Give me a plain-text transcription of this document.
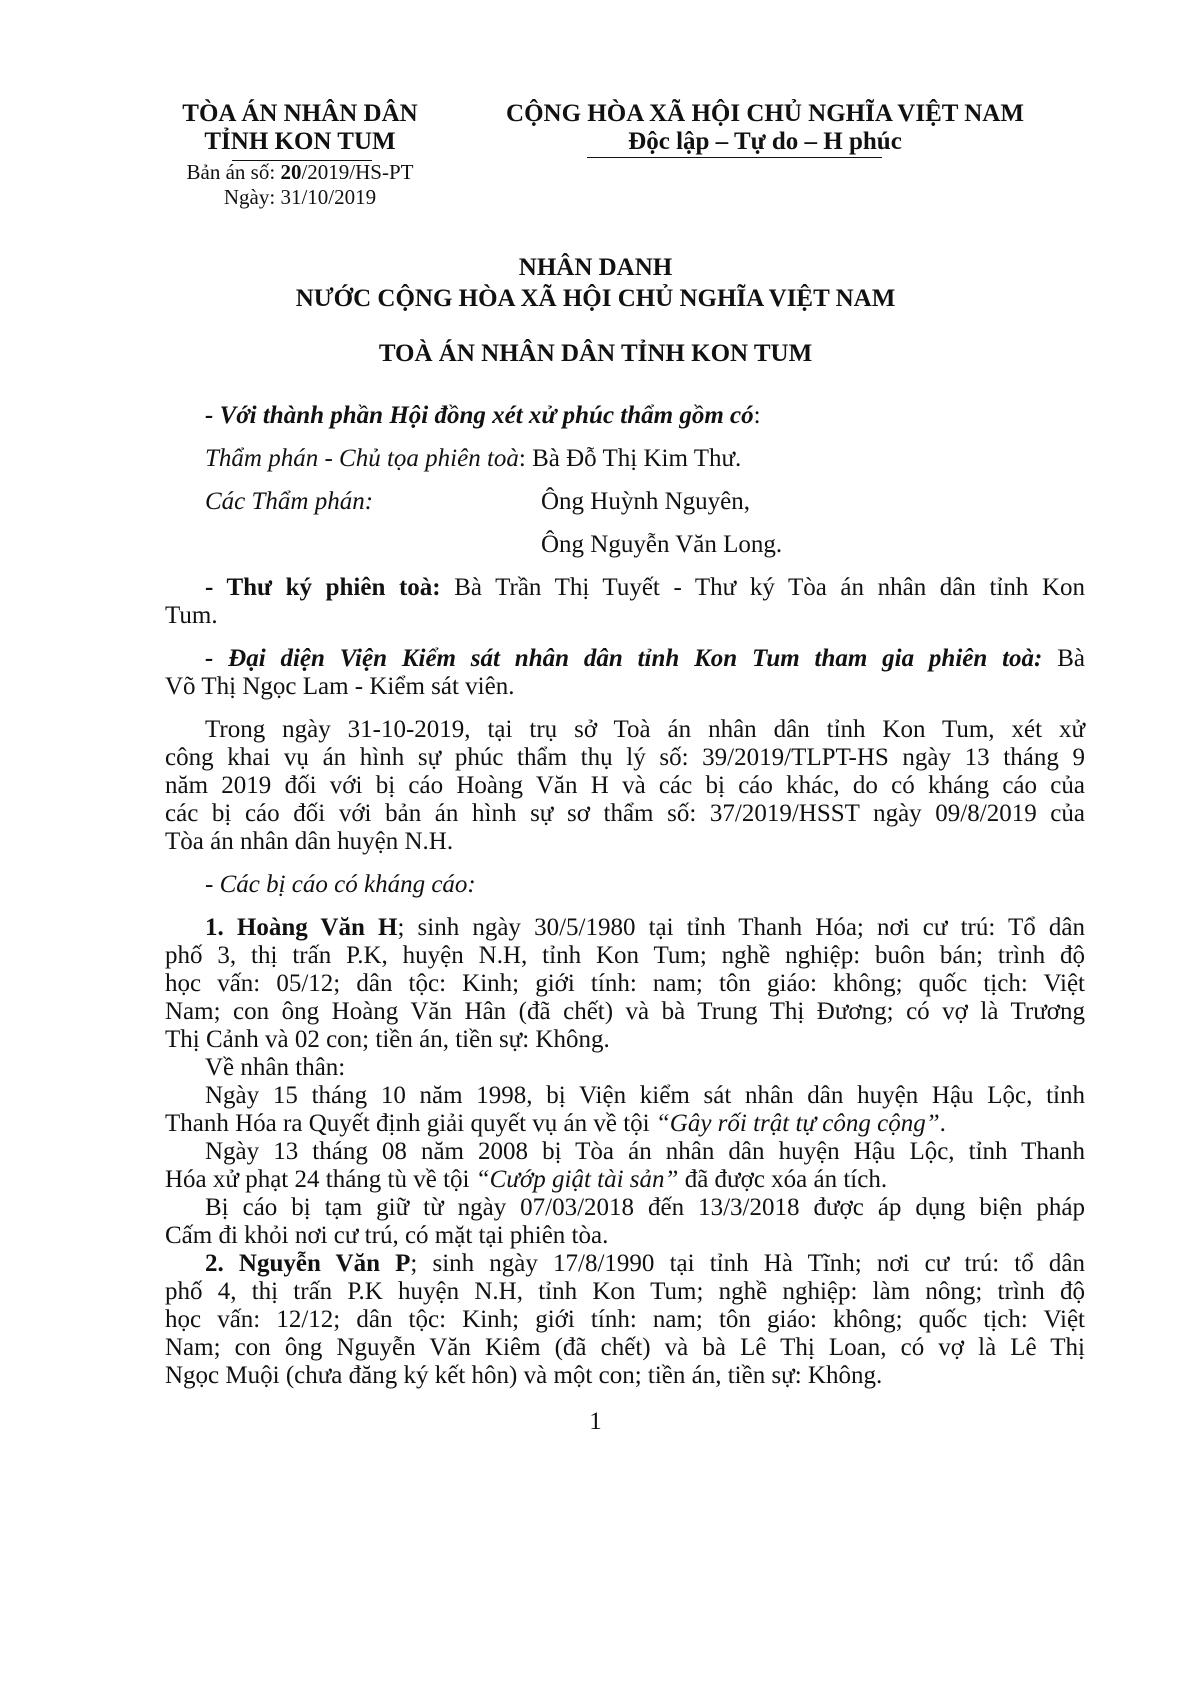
TÒA ÁN NHÂN DÂN
TỈNH KON TUM
Bản án số: 20/2019/HS-PT
Ngày: 31/10/2019
CỘNG HÒA XÃ HỘI CHỦ NGHĨA VIỆT NAM
Độc lập – Tự do – H phúc
NHÂN DANH
NƯỚC CỘNG HÒA XÃ HỘI CHỦ NGHĨA VIỆT NAM
TOÀ ÁN NHÂN DÂN TỈNH KON TUM
- Với thành phần Hội đồng xét xử phúc thẩm gồm có:
Thẩm phán - Chủ tọa phiên toà: Bà Đỗ Thị Kim Thư.
Các Thẩm phán:	Ông Huỳnh Nguyên,
Ông Nguyễn Văn Long.
- Thư ký phiên toà: Bà Trần Thị Tuyết - Thư ký Tòa án nhân dân tỉnh Kon
Tum.
- Đại diện Viện Kiểm sát nhân dân tỉnh Kon Tum tham gia phiên toà: Bà
Võ Thị Ngọc Lam - Kiểm sát viên.
Trong ngày 31-10-2019, tại trụ sở Toà án nhân dân tỉnh Kon Tum, xét xử
công khai vụ án hình sự phúc thẩm thụ lý số: 39/2019/TLPT-HS ngày 13 tháng 9
năm 2019 đối với bị cáo Hoàng Văn H và các bị cáo khác, do có kháng cáo của
các bị cáo đối với bản án hình sự sơ thẩm số: 37/2019/HSST ngày 09/8/2019 của
Tòa án nhân dân huyện N.H.
- Các bị cáo có kháng cáo:
1. Hoàng Văn H; sinh ngày 30/5/1980 tại tỉnh Thanh Hóa; nơi cư trú: Tổ dân
phố 3, thị trấn P.K, huyện N.H, tỉnh Kon Tum; nghề nghiệp: buôn bán; trình độ
học vấn: 05/12; dân tộc: Kinh; giới tính: nam; tôn giáo: không; quốc tịch: Việt
Nam; con ông Hoàng Văn Hân (đã chết) và bà Trung Thị Đương; có vợ là Trương
Thị Cảnh và 02 con; tiền án, tiền sự: Không.
Về nhân thân:
Ngày 15 tháng 10 năm 1998, bị Viện kiểm sát nhân dân huyện Hậu Lộc, tỉnh
Thanh Hóa ra Quyết định giải quyết vụ án về tội “Gây rối trật tự công cộng”.
Ngày 13 tháng 08 năm 2008 bị Tòa án nhân dân huyện Hậu Lộc, tỉnh Thanh
Hóa xử phạt 24 tháng tù về tội “Cướp giật tài sản” đã được xóa án tích.
Bị cáo bị tạm giữ từ ngày 07/03/2018 đến 13/3/2018 được áp dụng biện pháp
Cấm đi khỏi nơi cư trú, có mặt tại phiên tòa.
2. Nguyễn Văn P; sinh ngày 17/8/1990 tại tỉnh Hà Tĩnh; nơi cư trú: tổ dân
phố 4, thị trấn P.K huyện N.H, tỉnh Kon Tum; nghề nghiệp: làm nông; trình độ
học vấn: 12/12; dân tộc: Kinh; giới tính: nam; tôn giáo: không; quốc tịch: Việt
Nam; con ông Nguyễn Văn Kiêm (đã chết) và bà Lê Thị Loan, có vợ là Lê Thị
Ngọc Muội (chưa đăng ký kết hôn) và một con; tiền án, tiền sự: Không.
1
